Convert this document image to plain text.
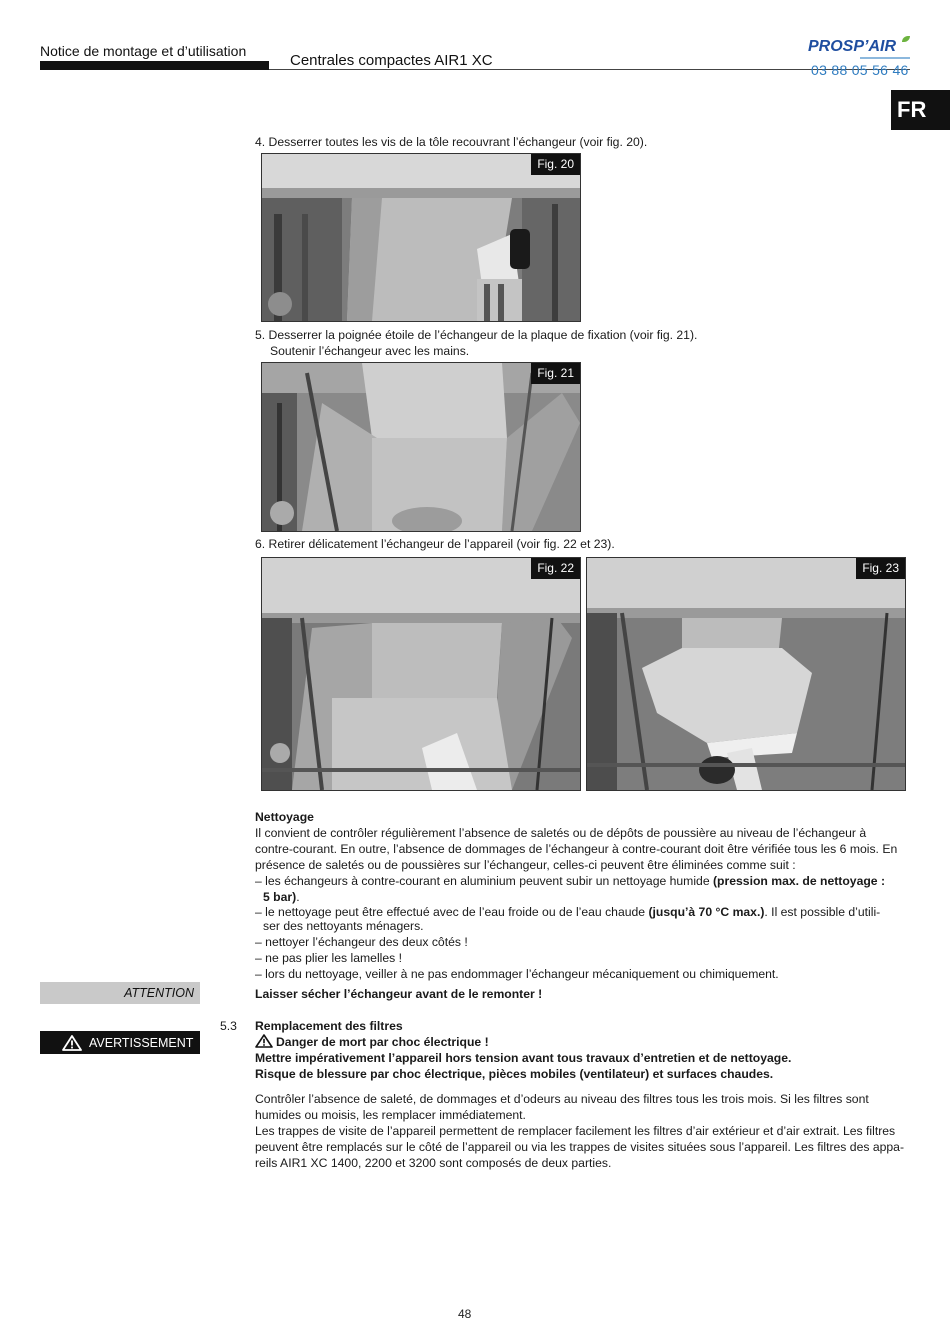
Notice de montage et d’utilisation
Centrales compactes AIR1 XC
PROSP’AIR
03 88 05 56 46
FR
4. Desserrer toutes les vis de la tôle recouvrant l’échangeur (voir fig. 20).
Fig. 20
5. Desserrer la poignée étoile de l’échangeur de la plaque de fixation (voir fig. 21).
Soutenir l’échangeur avec les mains.
Fig. 21
6. Retirer délicatement l’échangeur de l’appareil (voir fig. 22 et 23).
Fig. 22	Fig. 23
Nettoyage
Il convient de contrôler régulièrement l’absence de saletés ou de dépôts de poussière au niveau de l’échangeur à
contre-courant. En outre, l’absence de dommages de l’échangeur à contre-courant doit être vérifiée tous les 6 mois. En
présence de saletés ou de poussières sur l’échangeur, celles-ci peuvent être éliminées comme suit :
– les échangeurs à contre-courant en aluminium peuvent subir un nettoyage humide (pression max. de nettoyage :
5 bar).
– le nettoyage peut être effectué avec de l’eau froide ou de l’eau chaude (jusqu’à 70 °C max.). Il est possible d’utili-
ser des nettoyants ménagers.
– nettoyer l’échangeur des deux côtés !
– ne pas plier les lamelles !
– lors du nettoyage, veiller à ne pas endommager l’échangeur mécaniquement ou chimiquement.
ATTENTION	Laisser sécher l’échangeur avant de le remonter !
5.3 Remplacement des filtres
AVERTISSEMENT	Danger de mort par choc électrique !
Mettre impérativement l’appareil hors tension avant tous travaux d’entretien et de nettoyage.
Risque de blessure par choc électrique, pièces mobiles (ventilateur) et surfaces chaudes.
Contrôler l’absence de saleté, de dommages et d’odeurs au niveau des filtres tous les trois mois. Si les filtres sont
humides ou moisis, les remplacer immédiatement.
Les trappes de visite de l’appareil permettent de remplacer facilement les filtres d’air extérieur et d’air extrait. Les filtres
peuvent être remplacés sur le côté de l’appareil ou via les trappes de visites situées sous l’appareil. Les filtres des appa-
reils AIR1 XC 1400, 2200 et 3200 sont composés de deux parties.
48
